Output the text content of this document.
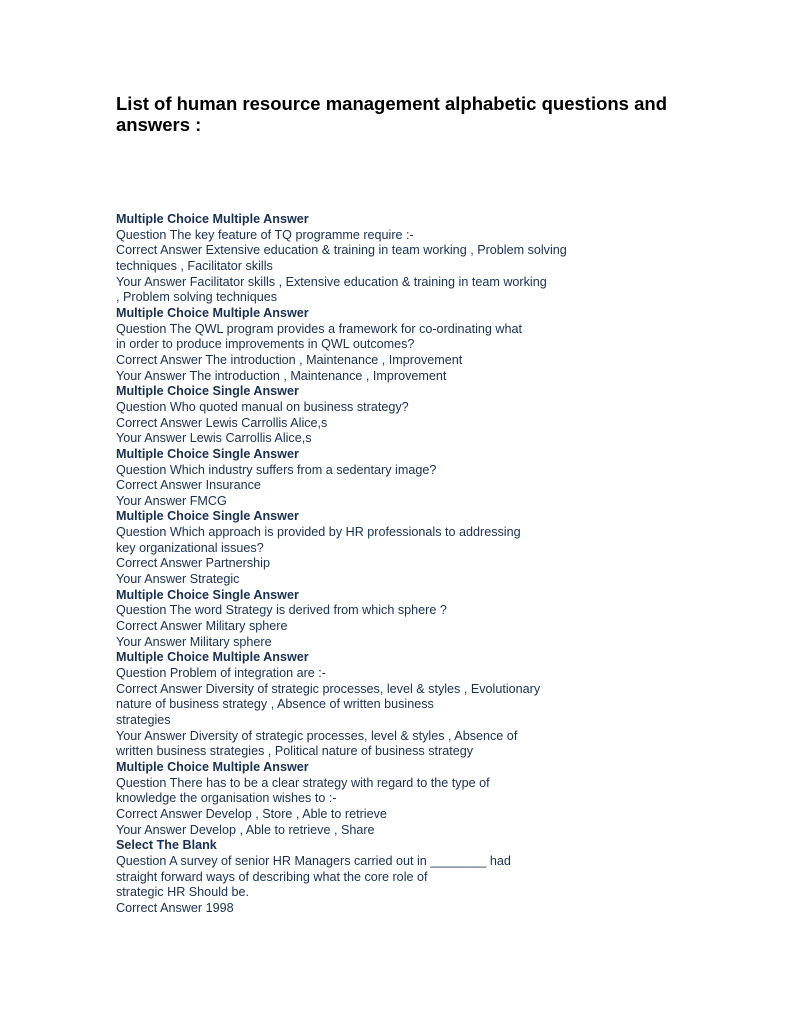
List of human resource management alphabetic questions and answers :
Multiple Choice Multiple Answer
Question The key feature of TQ programme require :-
Correct Answer Extensive education & training in team working , Problem solving
techniques , Facilitator skills
Your Answer Facilitator skills , Extensive education & training in team working
, Problem solving techniques
Multiple Choice Multiple Answer
Question The QWL program provides a framework for co-ordinating what
in order to produce improvements in QWL outcomes?
Correct Answer The introduction , Maintenance , Improvement
Your Answer The introduction , Maintenance , Improvement
Multiple Choice Single Answer
Question Who quoted manual on business strategy?
Correct Answer Lewis Carrollis Alice,s
Your Answer Lewis Carrollis Alice,s
Multiple Choice Single Answer
Question Which industry suffers from a sedentary image?
Correct Answer Insurance
Your Answer FMCG
Multiple Choice Single Answer
Question Which approach is provided by HR professionals to addressing
key organizational issues?
Correct Answer Partnership
Your Answer Strategic
Multiple Choice Single Answer
Question The word Strategy is derived from which sphere ?
Correct Answer Military sphere
Your Answer Military sphere
Multiple Choice Multiple Answer
Question Problem of integration are :-
Correct Answer Diversity of strategic processes, level & styles , Evolutionary
nature of business strategy , Absence of written business
strategies
Your Answer Diversity of strategic processes, level & styles , Absence of
written business strategies , Political nature of business strategy
Multiple Choice Multiple Answer
Question There has to be a clear strategy with regard to the type of
knowledge the organisation wishes to :-
Correct Answer Develop , Store , Able to retrieve
Your Answer Develop , Able to retrieve , Share
Select The Blank
Question A survey of senior HR Managers carried out in ________ had
straight forward ways of describing what the core role of
strategic HR Should be.
Correct Answer 1998
